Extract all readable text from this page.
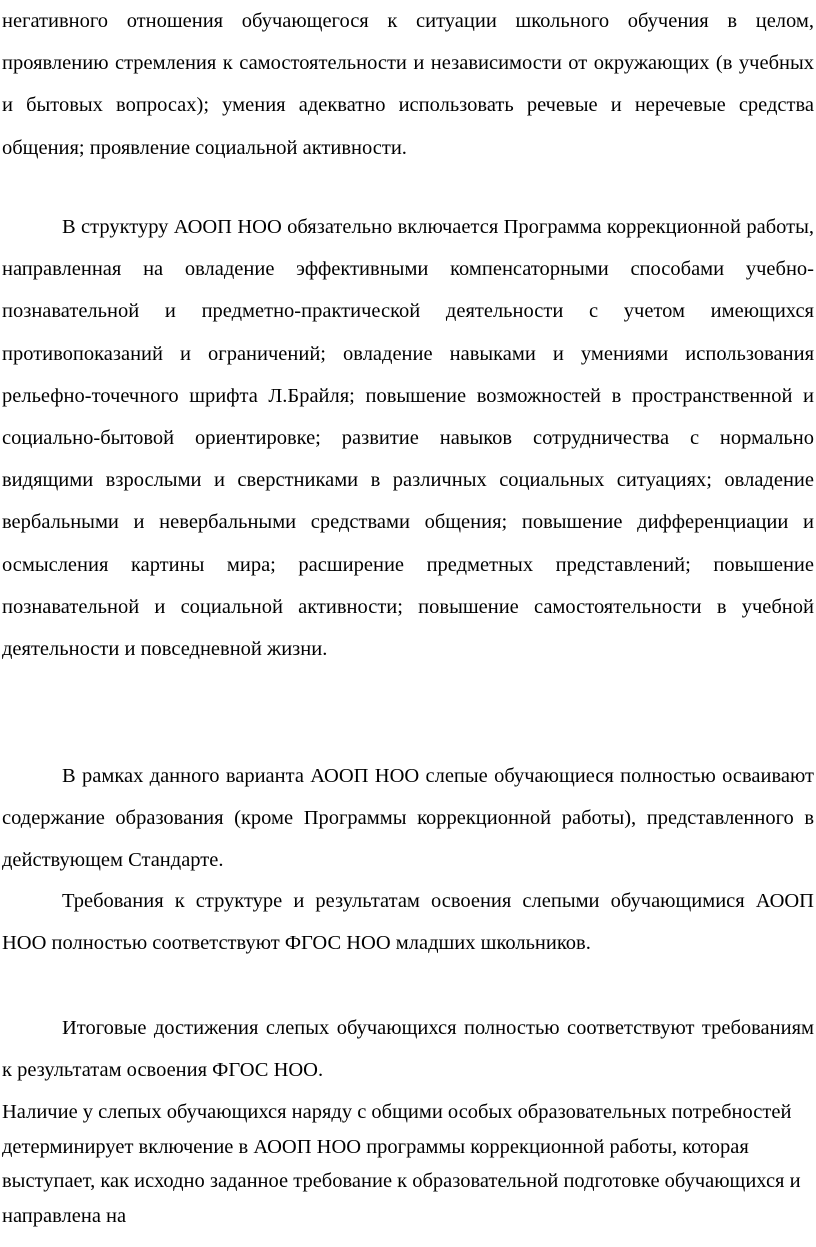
негативного отношения обучающегося к ситуации школьного обучения в целом, проявлению стремления к самостоятельности и независимости от окружающих (в учебных и бытовых вопросах); умения адекватно использовать речевые и неречевые средства общения; проявление социальной активности.

В структуру АООП НОО обязательно включается Программа коррекционной работы, направленная на овладение эффективными компенсаторными способами учебно-познавательной и предметно-практической деятельности с учетом имеющихся противопоказаний и ограничений; овладение навыками и умениями использования рельефно-точечного шрифта Л.Брайля; повышение возможностей в пространственной и социально-бытовой ориентировке; развитие навыков сотрудничества с нормально видящими взрослыми и сверстниками в различных социальных ситуациях; овладение вербальными и невербальными средствами общения; повышение дифференциации и осмысления картины мира; расширение предметных представлений; повышение познавательной и социальной активности; повышение самостоятельности в учебной деятельности и повседневной жизни.

В рамках данного варианта АООП НОО слепые обучающиеся полностью осваивают содержание образования (кроме Программы коррекционной работы), представленного в действующем Стандарте.

Требования к структуре и результатам освоения слепыми обучающимися АООП НОО полностью соответствуют ФГОС НОО младших школьников.

Итоговые достижения слепых обучающихся полностью соответствуют требованиям к результатам освоения ФГОС НОО.

Наличие у слепых обучающихся наряду с общими особых образовательных потребностей детерминирует включение в АООП НОО программы коррекционной работы, которая выступает, как исходно заданное требование к образовательной подготовке обучающихся и направлена на
